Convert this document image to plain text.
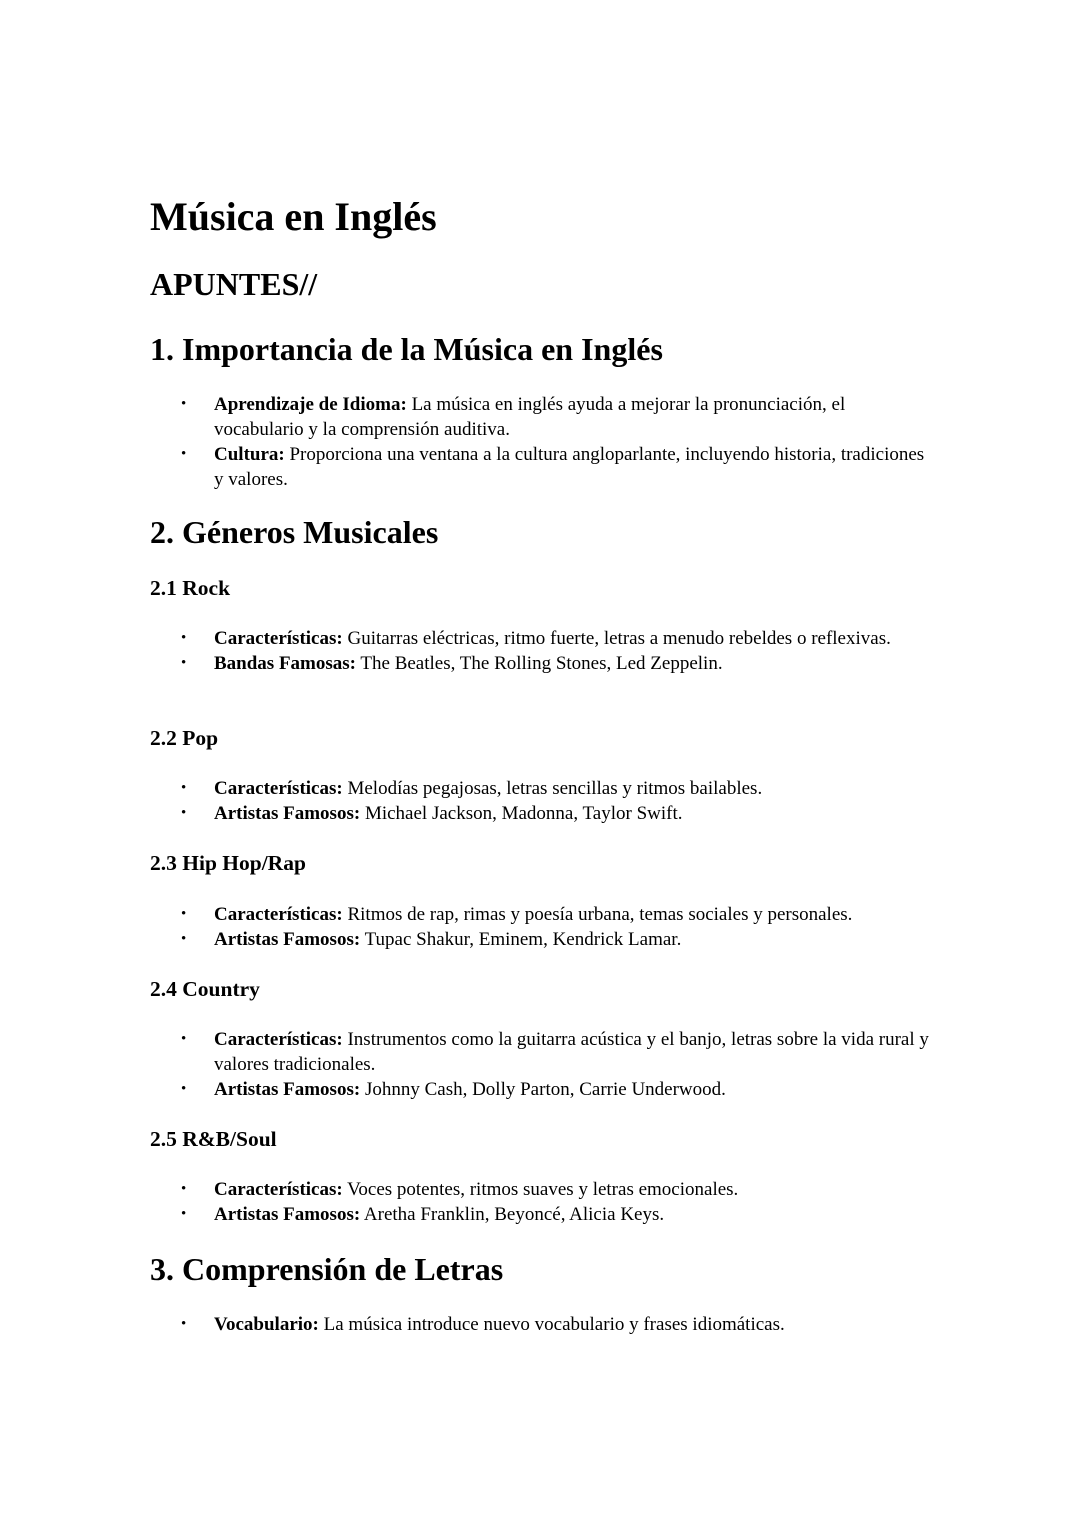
Música en Inglés
APUNTES//
1. Importancia de la Música en Inglés
• Aprendizaje de Idioma: La música en inglés ayuda a mejorar la pronunciación, el vocabulario y la comprensión auditiva.
• Cultura: Proporciona una ventana a la cultura angloparlante, incluyendo historia, tradiciones y valores.
2. Géneros Musicales
2.1 Rock
• Características: Guitarras eléctricas, ritmo fuerte, letras a menudo rebeldes o reflexivas.
• Bandas Famosas: The Beatles, The Rolling Stones, Led Zeppelin.
2.2 Pop
• Características: Melodías pegajosas, letras sencillas y ritmos bailables.
• Artistas Famosos: Michael Jackson, Madonna, Taylor Swift.
2.3 Hip Hop/Rap
• Características: Ritmos de rap, rimas y poesía urbana, temas sociales y personales.
• Artistas Famosos: Tupac Shakur, Eminem, Kendrick Lamar.
2.4 Country
• Características: Instrumentos como la guitarra acústica y el banjo, letras sobre la vida rural y valores tradicionales.
• Artistas Famosos: Johnny Cash, Dolly Parton, Carrie Underwood.
2.5 R&B/Soul
• Características: Voces potentes, ritmos suaves y letras emocionales.
• Artistas Famosos: Aretha Franklin, Beyoncé, Alicia Keys.
3. Comprensión de Letras
• Vocabulario: La música introduce nuevo vocabulario y frases idiomáticas.
